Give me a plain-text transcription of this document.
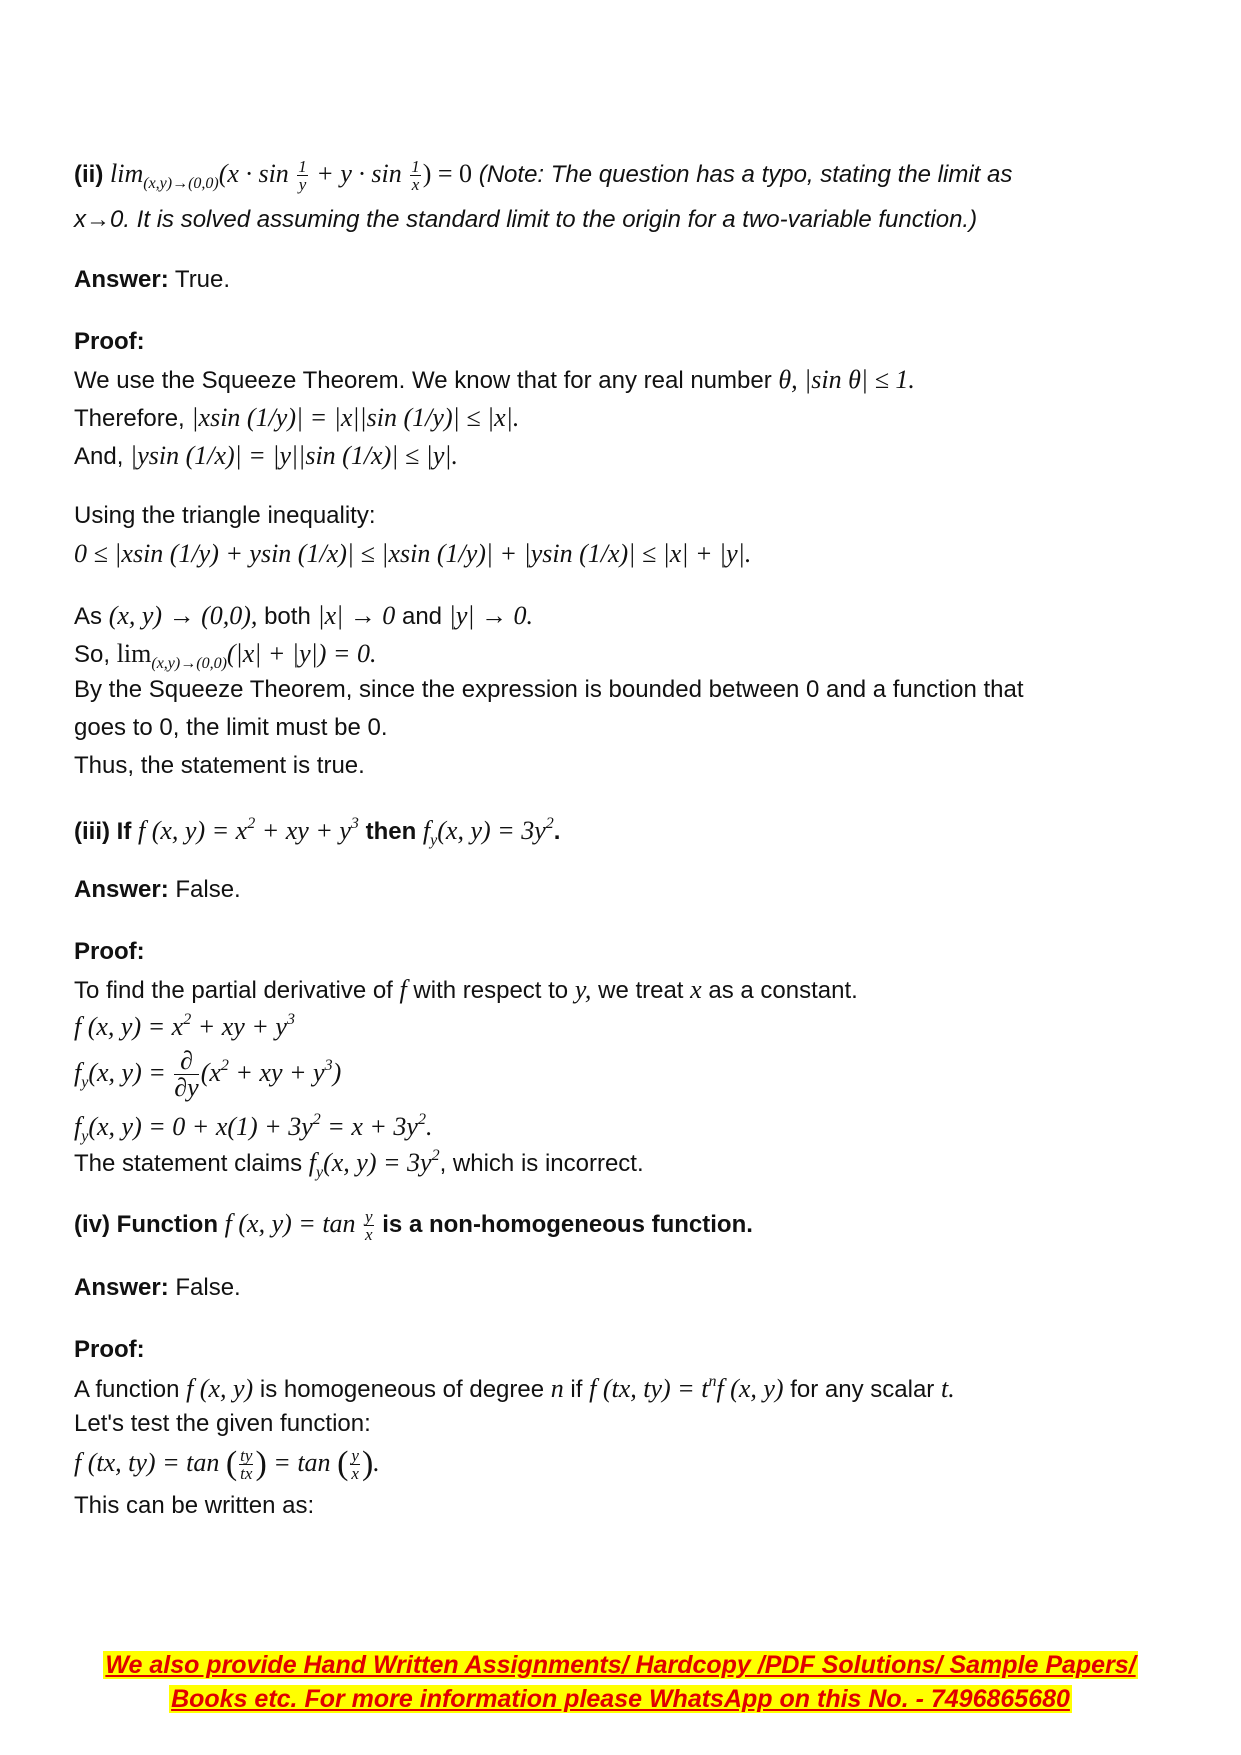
(ii) $\lim_{(x,y)\to(0,0)}(x \cdot \sin \frac{1}{y} + y \cdot \sin \frac{1}{x}$ ) = 0 (Note: The question has a typo, stating the limit as
x→0. It is solved assuming the standard limit to the origin for a two-variable function.)
Answer: True.
Proof:
We use the Squeeze Theorem. We know that for any real number θ, |sin θ| ≤ 1.
Therefore, |xsin (1/y)| = |x||sin (1/y)| ≤ |x|.
And, |ysin (1/x)| = |y||sin (1/x)| ≤ |y|.
Using the triangle inequality:
0 ≤ |xsin (1/y) + ysin (1/x)| ≤ |xsin (1/y)| + |ysin (1/x)| ≤ |x| + |y|.
As (x, y) → (0,0), both |x| → 0 and |y| → 0.
So, $\lim_{(x,y)\to(0,0)}(|x| + |y|) = 0$.
By the Squeeze Theorem, since the expression is bounded between 0 and a function that
goes to 0, the limit must be 0.
Thus, the statement is true.
(iii) If f (x, $y) = x^2$ + xy + $y^3$ then $f_y(x$, $y) = 3y^2$.
Answer: False.
Proof:
To find the partial derivative of f with respect to y, we treat x as a constant.
f (x, $y) = x^2$ + xy + $y^3$
$f_y(x$, $y) = \frac{\partial}{\partial y} (x^2$ + xy + $y^3$)
$f_y(x$, $y) = 0 + x(1) + 3y^2 = x + 3y^2$.
The statement claims $f_y(x$, $y) = 3y^2$, which is incorrect.
(iv) Function f (x, $y) = \tan \frac{y}{x}$ is a non-homogeneous function.
Answer: False.
Proof:
A function f (x, y) is homogeneous of degree n if f (tx, $ty) = t^nf$ (x, y) for any scalar t.
Let's test the given function:
f (tx, ty) = tan ( $\frac{ty}{tx}$ ) = tan ( $\frac{y}{x}$ ).
This can be written as:
We also provide Hand Written Assignments/ Hardcopy /PDF Solutions/ Sample Papers/
Books etc. For more information please WhatsApp on this No. - 7496865680
